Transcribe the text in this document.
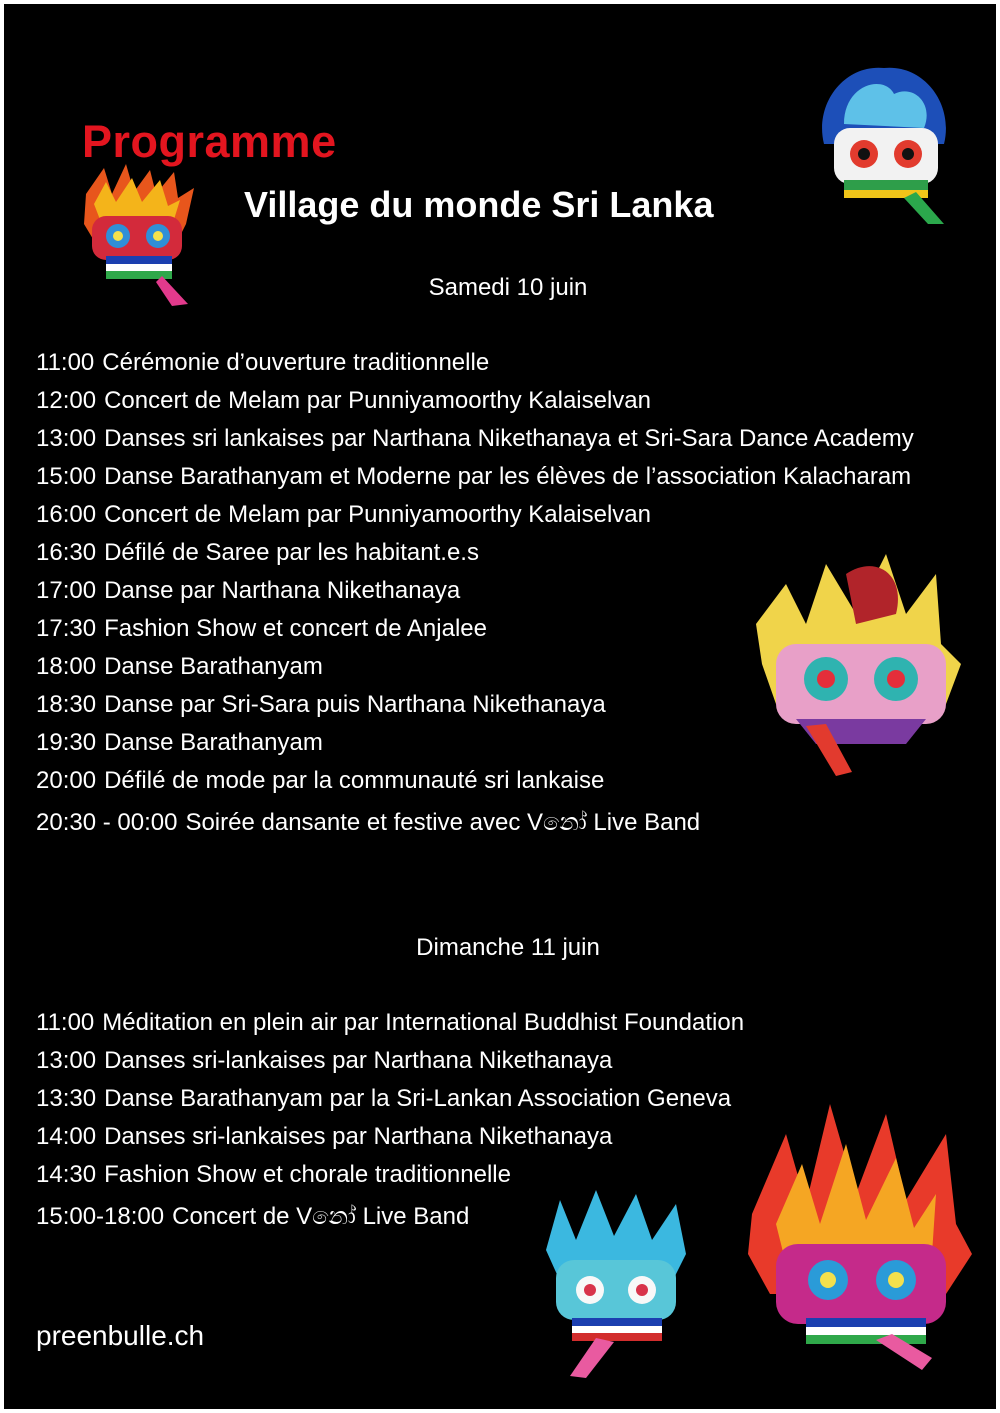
Programme
Village du monde Sri Lanka
Samedi 10 juin
11:00 Cérémonie d’ouverture traditionnelle
12:00 Concert de Melam par Punniyamoorthy Kalaiselvan
13:00 Danses sri lankaises par Narthana Nikethanaya et Sri-Sara Dance Academy
15:00 Danse Barathanyam et Moderne par les élèves de l’association Kalacharam
16:00 Concert de Melam par Punniyamoorthy Kalaiselvan
16:30 Défilé de Saree par les habitant.e.s
17:00 Danse par Narthana Nikethanaya
17:30 Fashion Show et concert de Anjalee
18:00 Danse Barathanyam
18:30 Danse par Sri-Sara puis Narthana Nikethanaya
19:30 Danse Barathanyam
20:00 Défilé de mode par la communauté sri lankaise
20:30 - 00:00 Soirée dansante et festive avec Vනෝ Live Band
Dimanche 11 juin
11:00 Méditation en plein air par International Buddhist Foundation
13:00 Danses sri-lankaises par Narthana Nikethanaya
13:30 Danse Barathanyam par la Sri-Lankan Association Geneva
14:00 Danses sri-lankaises par Narthana Nikethanaya
14:30 Fashion Show et chorale traditionnelle
15:00-18:00 Concert de Vනෝ Live Band
preenbulle.ch
